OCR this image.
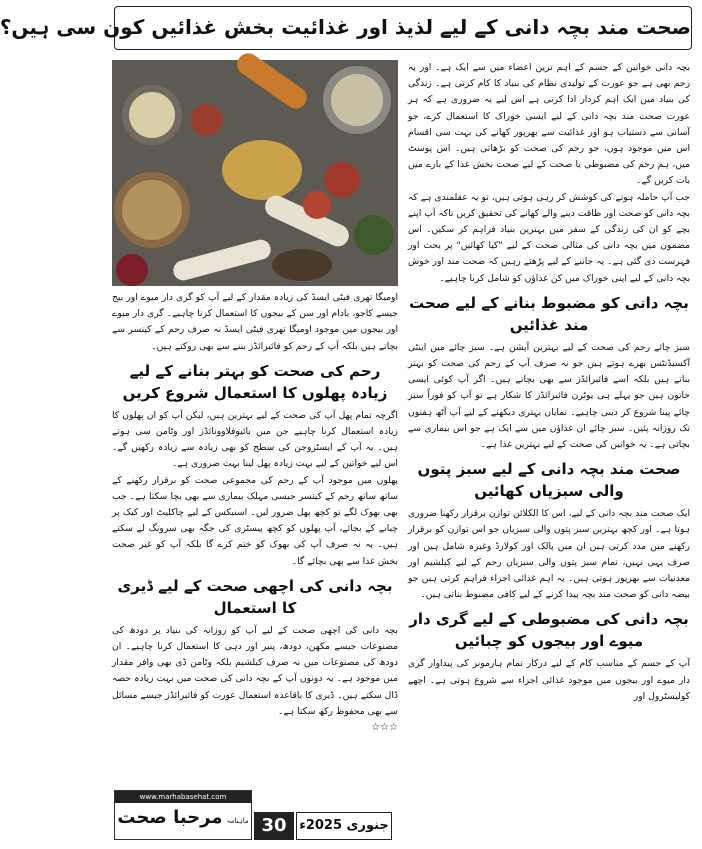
صحت مند بچہ دانی کے لیے لذیذ اور غذائیت بخش غذائیں کون سی ہیں؟

بچہ دانی خواتین کے جسم کے اہم ترین اعضاء میں سے ایک ہے۔ اور یہ رحم بھی ہے جو عورت کے تولیدی نظام کی بنیاد کا کام کرتی ہے۔ زندگی کی بنیاد میں ایک اہم کردار ادا کرتی ہے اس لیے یہ ضروری ہے کہ ہر عورت صحت مند بچہ دانی کے لیے ایسی خوراک کا استعمال کرے، جو آسانی سے دستیاب ہو اور غذائیت سے بھرپور کھانے کی بہت سی اقسام اس میں موجود ہوں، جو رحم کی صحت کو بڑھاتی ہیں۔ اس پوسٹ میں، ہم رحم کی مضبوطی یا صحت کے لیے صحت بخش غذا کے بارے میں بات کریں گے۔

جب آپ حاملہ ہونے کی کوشش کر رہی ہوتی ہیں، تو یہ عقلمندی ہے کہ بچہ دانی کو صحت اور طاقت دینے والے کھانے کی تحقیق کریں تاکہ آپ اپنے بچے کو ان کی زندگی کے سفر میں بہترین بنیاد فراہم کر سکیں۔ اس مضمون میں بچہ دانی کی مثالی صحت کے لیے "کیا کھائیں" پر بحث اور فہرست دی گئی ہے۔ یہ جاننے کے لیے پڑھتے رہیں کہ صحت مند اور خوش بچہ دانی کے لیے اپنی خوراک میں کن غذاؤں کو شامل کرنا چاہیے۔

بچہ دانی کو مضبوط بنانے کے لیے صحت مند غذائیں

سبز چائے رحم کی صحت کے لیے بہترین آپشن ہے۔ سبز چائے میں اینٹی آکسیڈنٹس بھرے ہوتے ہیں جو نہ صرف آپ کے رحم کی صحت کو بہتر بناتے ہیں بلکہ اسے فائبرائڈز سے بھی بچاتے ہیں۔ اگر آپ کوئی ایسی خاتون ہیں جو پہلے ہی یوٹرن فائبرائڈز کا شکار ہے تو آپ کو فوراً سبز چائے پینا شروع کر دینی چاہیے۔ نمایاں بہتری دیکھنے کے لیے آپ آٹھ ہفتوں تک روزانہ پئیں۔ سبز چائے ان غذاؤں میں سے ایک ہے جو اس بیماری سے بچاتی ہے۔ یہ خواتین کی صحت کے لیے بہترین غذا ہے۔

صحت مند بچہ دانی کے لیے سبز پتوں والی سبزیاں کھائیں

ایک صحت مند بچہ دانی کے لیے، اس کا الکلائن توازن برقرار رکھنا ضروری ہوتا ہے۔ اور کچھ بہترین سبز پتوں والی سبزیاں جو اس توازن کو برقرار رکھنے میں مدد کرتی ہیں ان میں پالک اور کولارڈ وغیرہ شامل ہیں اور صرف یہی نہیں، تمام سبز پتوں والی سبزیاں رحم کے لیے کیلشیم اور معدنیات سے بھرپور ہوتی ہیں۔ یہ اہم غذائی اجزاء فراہم کرتی ہیں جو بیضہ دانی کو صحت مند بچہ پیدا کرنے کے لیے کافی مضبوط بناتی ہیں۔

بچہ دانی کی مضبوطی کے لیے گری دار میوے اور بیجوں کو چبائیں

آپ کے جسم کے مناسب کام کے لیے درکار تمام ہارمونز کی پیداوار گری دار میوے اور بیجوں میں موجود غذائی اجزاء سے شروع ہوتی ہے۔ اچھے کولیسٹرول اور

اومیگا تھری فیٹی ایسڈ کی زیادہ مقدار کے لیے آپ کو گری دار میوے اور بیج جیسے کاجو، بادام اور سن کے بیجوں کا استعمال کرنا چاہیے۔ گری دار میوے اور بیجوں میں موجود اومیگا تھری فیٹی ایسڈ نہ صرف رحم کے کینسر سے بچاتے ہیں بلکہ آپ کے رحم کو فائبرائڈز بننے سے بھی روکتے ہیں۔

رحم کی صحت کو بہتر بنانے کے لیے زیادہ پھلوں کا استعمال شروع کریں

اگرچہ تمام پھل آپ کی صحت کے لیے بہترین ہیں، لیکن آپ کو ان پھلوں کا زیادہ استعمال کرنا چاہیے جن میں بائیوفلاوونائڈز اور وٹامن سی ہوتے ہیں۔ یہ آپ کے ایسٹروجن کی سطح کو بھی زیادہ سے زیادہ رکھیں گے۔ اس لیے خواتین کے لیے بہت زیادہ پھل لینا بہت ضروری ہے۔

پھلوں میں موجود آپ کے رحم کی مجموعی صحت کو برقرار رکھنے کے ساتھ ساتھ رحم کے کینسر جیسی مہلک بیماری سے بھی بچا سکتا ہے۔ جب بھی بھوک لگے تو کچھ پھل ضرور لیں۔ اسنیکس کے لیے چاکلیٹ اور کیک پر چبانے کے بجائے، آپ پھلوں کو کچھ پیسٹری کی جگہ بھی سرونگ لے سکتے ہیں۔ یہ نہ صرف آپ کی بھوک کو ختم کرے گا بلکہ آپ کو غیر صحت بخش غذا سے بھی بچائے گا۔

بچہ دانی کی اچھی صحت کے لیے ڈیری کا استعمال

بچہ دانی کی اچھی صحت کے لیے آپ کو روزانہ کی بنیاد پر دودھ کی مصنوعات جیسے مکھن، دودھ، پنیر اور دہی کا استعمال کرنا چاہیے۔ ان دودھ کی مصنوعات میں نہ صرف کیلشیم بلکہ وٹامن ڈی بھی وافر مقدار میں موجود ہے۔ یہ دونوں آپ کے بچہ دانی کی صحت میں بہت زیادہ حصہ ڈال سکتے ہیں۔ ڈیری کا باقاعدہ استعمال عورت کو فائبرائڈز جیسے مسائل سے بھی محفوظ رکھ سکتا ہے۔

☆☆☆

www.marhabasehat.com
ماہنامہ
مرحبا صحت	30 جنوری 2025ء
